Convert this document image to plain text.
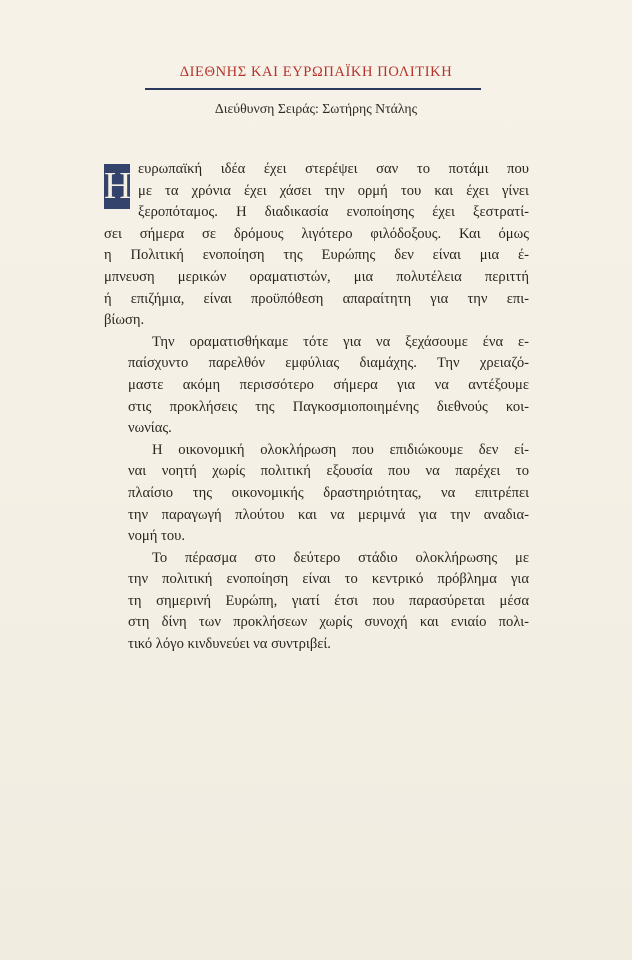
ΔΙΕΘΝΗΣ ΚΑΙ ΕΥΡΩΠΑΪΚΗ ΠΟΛΙΤΙΚΗ
Διεύθυνση Σειράς: Σωτήρης Ντάλης
Η ευρωπαϊκή ιδέα έχει στερέψει σαν το ποτάμι που
με τα χρόνια έχει χάσει την ορμή του και έχει γίνει
ξεροπόταμος. Η διαδικασία ενοποίησης έχει ξεστρατί-
σει σήμερα σε δρόμους λιγότερο φιλόδοξους. Και όμως
η Πολιτική ενοποίηση της Ευρώπης δεν είναι μια έ-
μπνευση μερικών οραματιστών, μια πολυτέλεια περιττή
ή επιζήμια, είναι προϋπόθεση απαραίτητη για την επι-
βίωση.
Την οραματισθήκαμε τότε για να ξεχάσουμε ένα ε-
παίσχυντο παρελθόν εμφύλιας διαμάχης. Την χρειαζό-
μαστε ακόμη περισσότερο σήμερα για να αντέξουμε
στις προκλήσεις της Παγκοσμιοποιημένης διεθνούς κοι-
νωνίας.
Η οικονομική ολοκλήρωση που επιδιώκουμε δεν εί-
ναι νοητή χωρίς πολιτική εξουσία που να παρέχει το
πλαίσιο της οικονομικής δραστηριότητας, να επιτρέπει
την παραγωγή πλούτου και να μεριμνά για την αναδια-
νομή του.
Το πέρασμα στο δεύτερο στάδιο ολοκλήρωσης με
την πολιτική ενοποίηση είναι το κεντρικό πρόβλημα για
τη σημερινή Ευρώπη, γιατί έτσι που παρασύρεται μέσα
στη δίνη των προκλήσεων χωρίς συνοχή και ενιαίο πολι-
τικό λόγο κινδυνεύει να συντριβεί.
